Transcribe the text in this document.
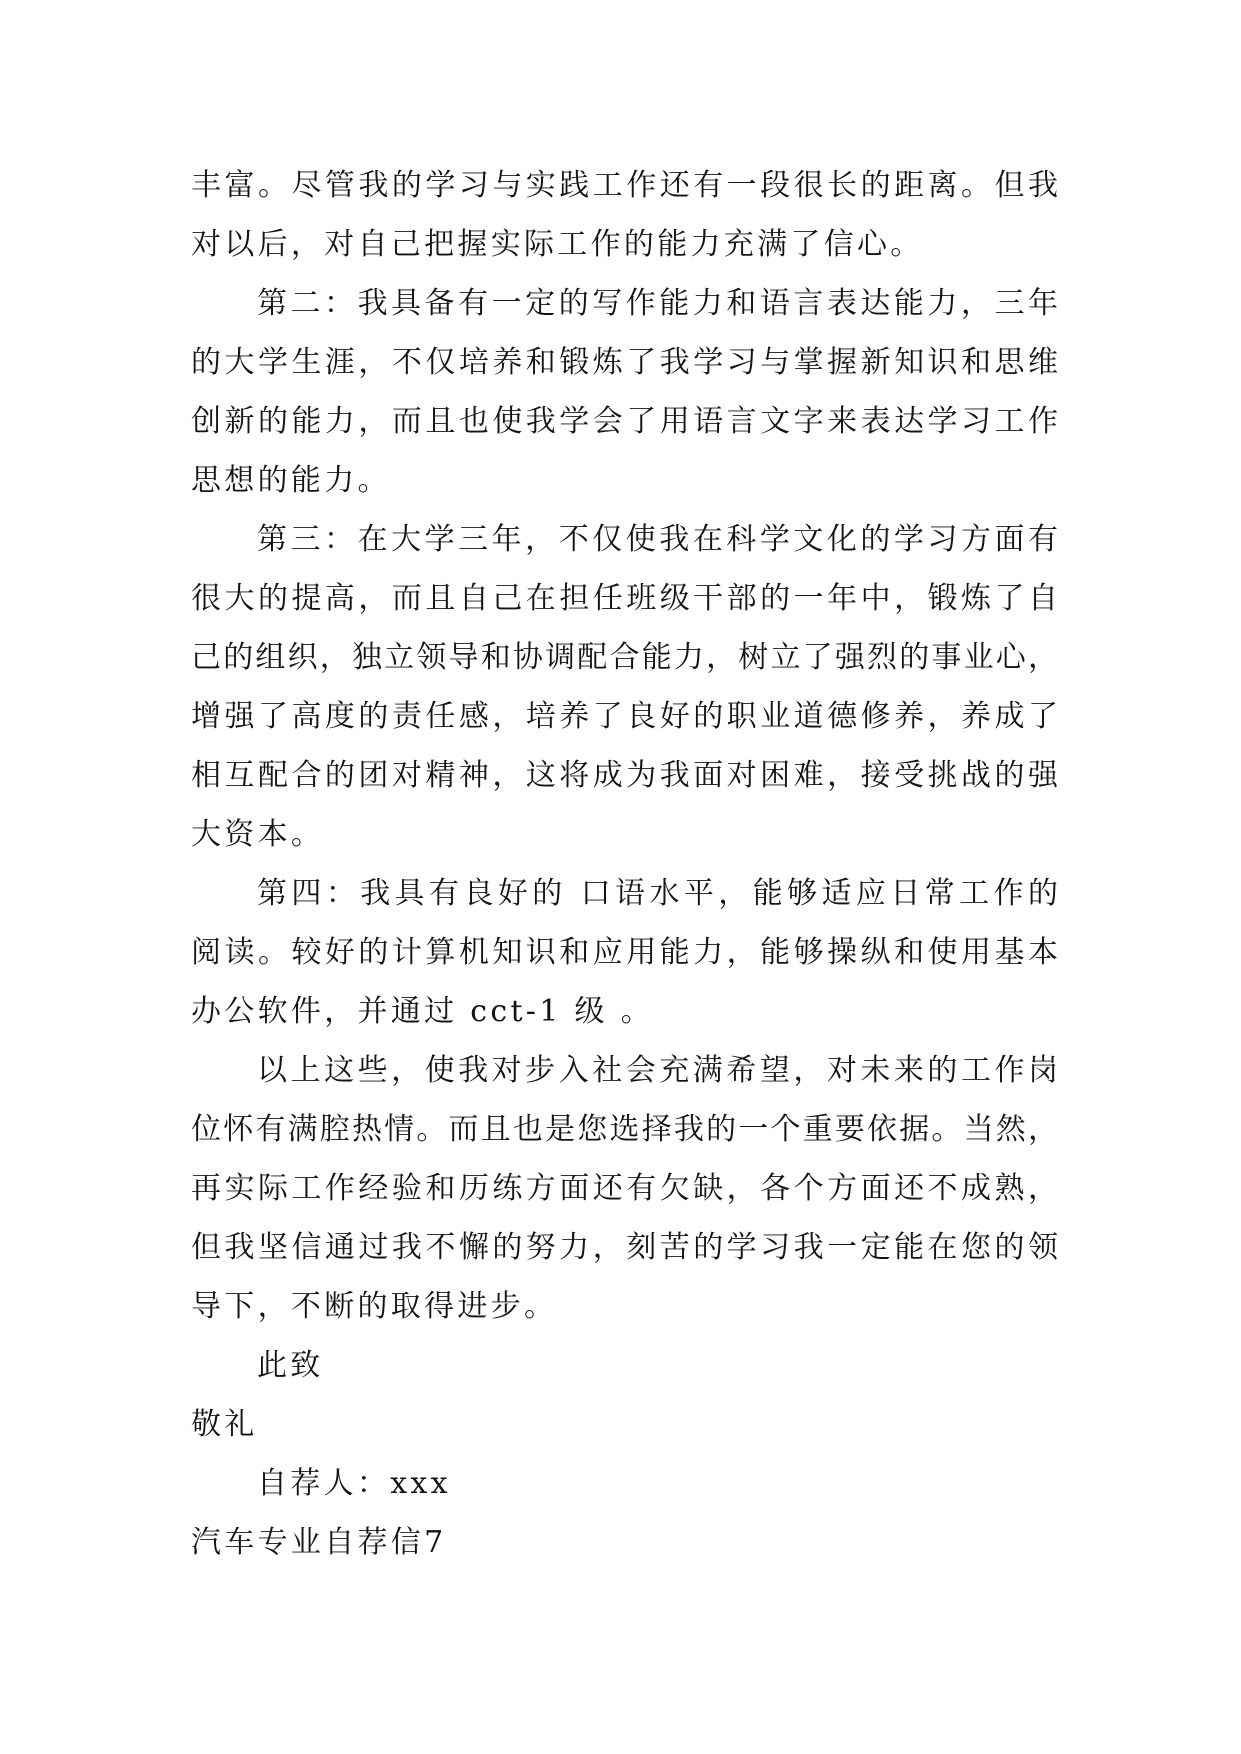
丰富。尽管我的学习与实践工作还有一段很长的距离。但我
对以后，对自己把握实际工作的能力充满了信心。
第二：我具备有一定的写作能力和语言表达能力，三年
的大学生涯，不仅培养和锻炼了我学习与掌握新知识和思维
创新的能力，而且也使我学会了用语言文字来表达学习工作
思想的能力。
第三：在大学三年，不仅使我在科学文化的学习方面有
很大的提高，而且自己在担任班级干部的一年中，锻炼了自
己的组织，独立领导和协调配合能力，树立了强烈的事业心，
增强了高度的责任感，培养了良好的职业道德修养，养成了
相互配合的团对精神，这将成为我面对困难，接受挑战的强
大资本。
第四：我具有良好的 口语水平，能够适应日常工作的
阅读。较好的计算机知识和应用能力，能够操纵和使用基本
办公软件，并通过 cct-1 级 。
以上这些，使我对步入社会充满希望，对未来的工作岗
位怀有满腔热情。而且也是您选择我的一个重要依据。当然，
再实际工作经验和历练方面还有欠缺，各个方面还不成熟，
但我坚信通过我不懈的努力，刻苦的学习我一定能在您的领
导下，不断的取得进步。
此致
敬礼
自荐人：xxx
汽车专业自荐信7
